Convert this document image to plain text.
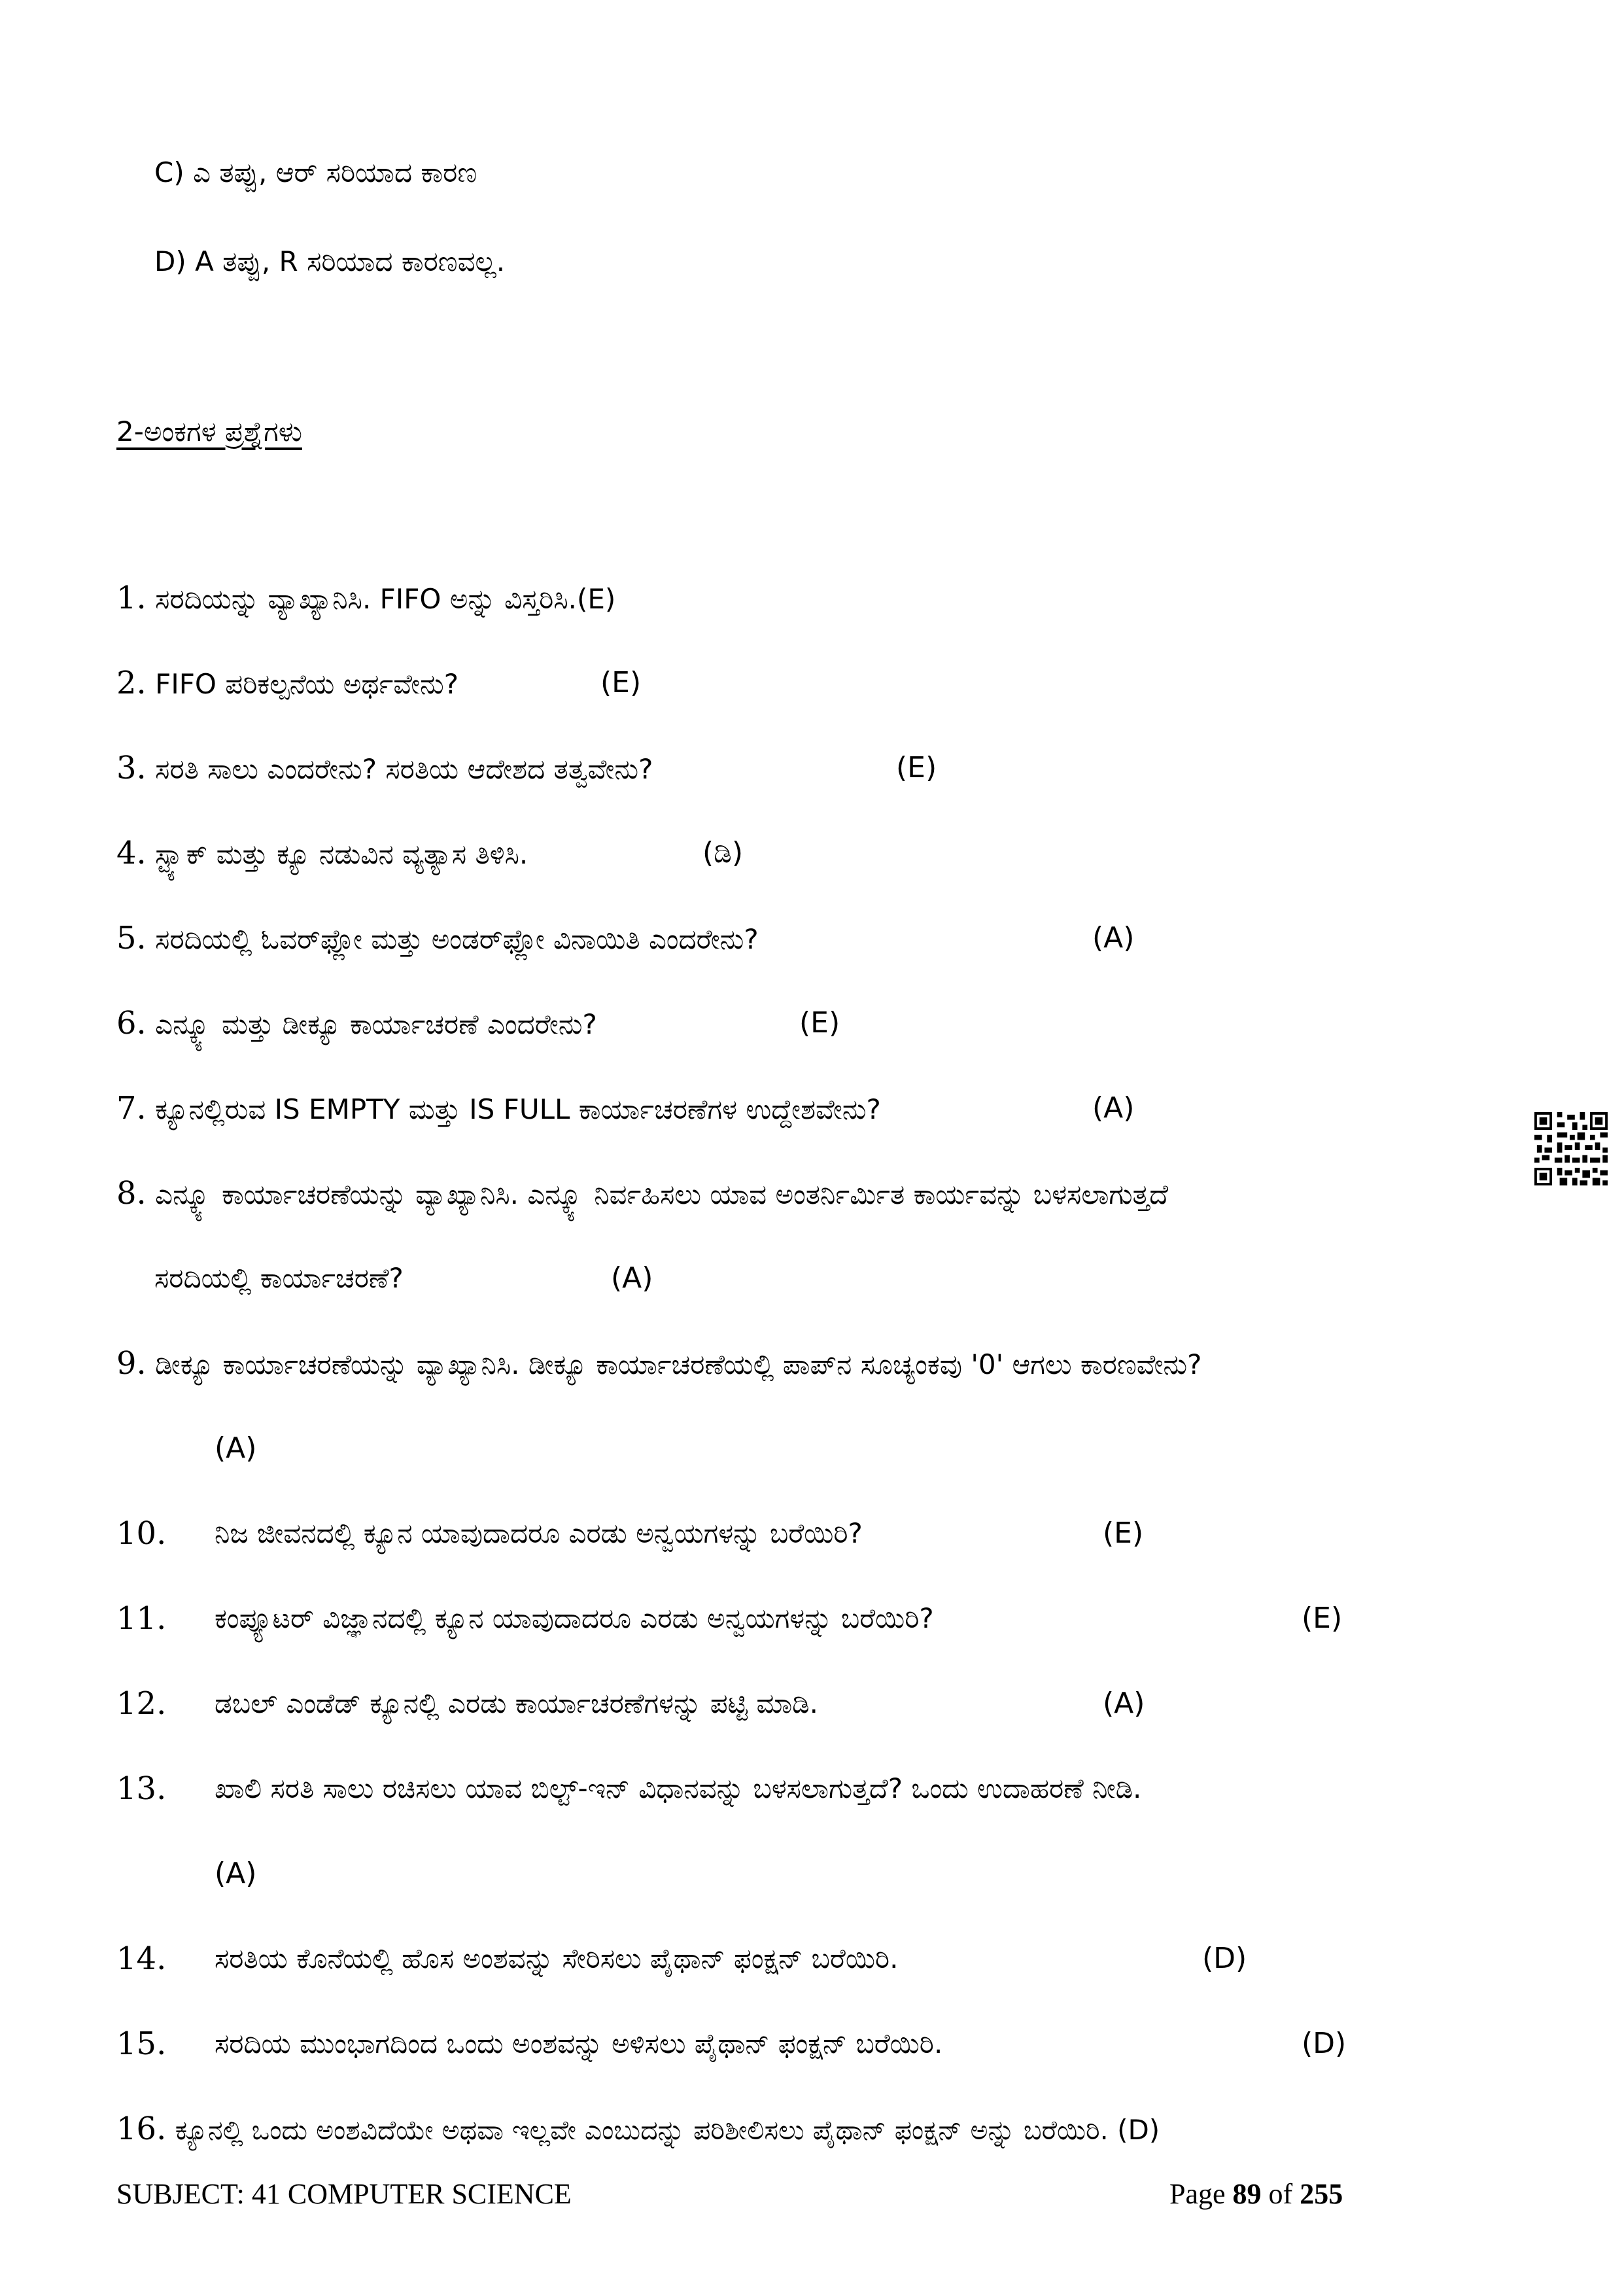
C) ಎ ತಪ್ಪು, ಆರ್ ಸರಿಯಾದ ಕಾರಣ
D) A ತಪ್ಪು, R ಸರಿಯಾದ ಕಾರಣವಲ್ಲ.
2-ಅಂಕಗಳ ಪ್ರಶ್ನೆಗಳು
1. ಸರದಿಯನ್ನು ವ್ಯಾಖ್ಯಾನಿಸಿ. FIFO ಅನ್ನು ವಿಸ್ತರಿಸಿ.(E)
2. FIFO ಪರಿಕಲ್ಪನೆಯ ಅರ್ಥವೇನು?	(E)
3. ಸರತಿ ಸಾಲು ಎಂದರೇನು? ಸರತಿಯ ಆದೇಶದ ತತ್ವವೇನು?	(E)
4. ಸ್ಟ್ಯಾಕ್ ಮತ್ತು ಕ್ಯೂ ನಡುವಿನ ವ್ಯತ್ಯಾಸ ತಿಳಿಸಿ.	(ಡಿ)
5. ಸರದಿಯಲ್ಲಿ ಓವರ್‌ಫ್ಲೋ ಮತ್ತು ಅಂಡರ್‌ಫ್ಲೋ ವಿನಾಯಿತಿ ಎಂದರೇನು?	(A)
6. ಎನ್ಕ್ಯೂ ಮತ್ತು ಡೀಕ್ಯೂ ಕಾರ್ಯಾಚರಣೆ ಎಂದರೇನು?	(E)
7. ಕ್ಯೂನಲ್ಲಿರುವ IS EMPTY ಮತ್ತು IS FULL ಕಾರ್ಯಾಚರಣೆಗಳ ಉದ್ದೇಶವೇನು?	(A)
8. ಎನ್ಕ್ಯೂ ಕಾರ್ಯಾಚರಣೆಯನ್ನು ವ್ಯಾಖ್ಯಾನಿಸಿ. ಎನ್ಕ್ಯೂ ನಿರ್ವಹಿಸಲು ಯಾವ ಅಂತರ್ನಿರ್ಮಿತ ಕಾರ್ಯವನ್ನು ಬಳಸಲಾಗುತ್ತದೆ
ಸರದಿಯಲ್ಲಿ ಕಾರ್ಯಾಚರಣೆ?	(A)
9. ಡೀಕ್ಯೂ ಕಾರ್ಯಾಚರಣೆಯನ್ನು ವ್ಯಾಖ್ಯಾನಿಸಿ. ಡೀಕ್ಯೂ ಕಾರ್ಯಾಚರಣೆಯಲ್ಲಿ ಪಾಪ್‌ನ ಸೂಚ್ಯಂಕವು '0' ಆಗಲು ಕಾರಣವೇನು?
(A)
10. ನಿಜ ಜೀವನದಲ್ಲಿ ಕ್ಯೂನ ಯಾವುದಾದರೂ ಎರಡು ಅನ್ವಯಗಳನ್ನು ಬರೆಯಿರಿ?	(E)
11. ಕಂಪ್ಯೂಟರ್ ವಿಜ್ಞಾನದಲ್ಲಿ ಕ್ಯೂನ ಯಾವುದಾದರೂ ಎರಡು ಅನ್ವಯಗಳನ್ನು ಬರೆಯಿರಿ?	(E)
12. ಡಬಲ್ ಎಂಡೆಡ್ ಕ್ಯೂನಲ್ಲಿ ಎರಡು ಕಾರ್ಯಾಚರಣೆಗಳನ್ನು ಪಟ್ಟಿ ಮಾಡಿ.	(A)
13. ಖಾಲಿ ಸರತಿ ಸಾಲು ರಚಿಸಲು ಯಾವ ಬಿಲ್ಟ್-ಇನ್ ವಿಧಾನವನ್ನು ಬಳಸಲಾಗುತ್ತದೆ? ಒಂದು ಉದಾಹರಣೆ ನೀಡಿ.
(A)
14. ಸರತಿಯ ಕೊನೆಯಲ್ಲಿ ಹೊಸ ಅಂಶವನ್ನು ಸೇರಿಸಲು ಪೈಥಾನ್ ಫಂಕ್ಷನ್ ಬರೆಯಿರಿ.	(D)
15. ಸರದಿಯ ಮುಂಭಾಗದಿಂದ ಒಂದು ಅಂಶವನ್ನು ಅಳಿಸಲು ಪೈಥಾನ್ ಫಂಕ್ಷನ್ ಬರೆಯಿರಿ.	(D)
16. ಕ್ಯೂನಲ್ಲಿ ಒಂದು ಅಂಶವಿದೆಯೇ ಅಥವಾ ಇಲ್ಲವೇ ಎಂಬುದನ್ನು ಪರಿಶೀಲಿಸಲು ಪೈಥಾನ್ ಫಂಕ್ಷನ್ ಅನ್ನು ಬರೆಯಿರಿ. (D)
SUBJECT: 41 COMPUTER SCIENCE	Page 89 of 255
